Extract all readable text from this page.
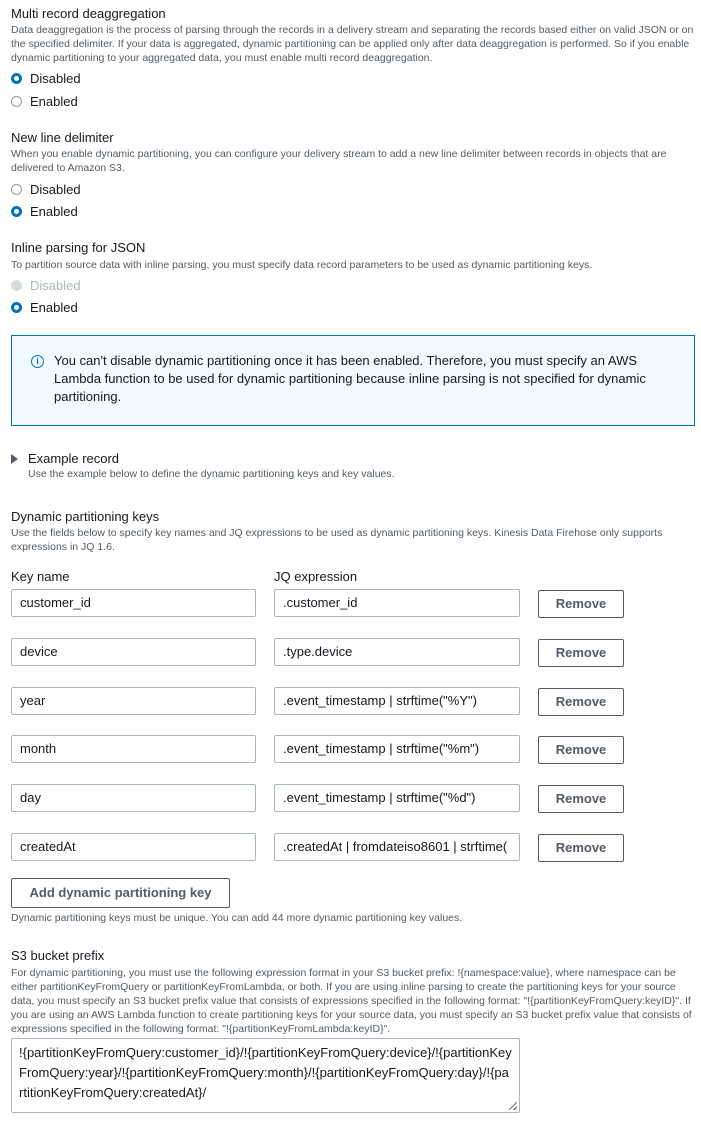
Multi record deaggregation
Data deaggregation is the process of parsing through the records in a delivery stream and separating the records based either on valid JSON or on the specified delimiter. If your data is aggregated, dynamic partitioning can be applied only after data deaggregation is performed. So if you enable dynamic partitioning to your aggregated data, you must enable multi record deaggregation.
Disabled
Enabled
New line delimiter
When you enable dynamic partitioning, you can configure your delivery stream to add a new line delimiter between records in objects that are delivered to Amazon S3.
Disabled
Enabled
Inline parsing for JSON
To partition source data with inline parsing, you must specify data record parameters to be used as dynamic partitioning keys.
Disabled
Enabled
i	You can't disable dynamic partitioning once it has been enabled. Therefore, you must specify an AWS Lambda function to be used for dynamic partitioning because inline parsing is not specified for dynamic partitioning.
Example record
Use the example below to define the dynamic partitioning keys and key values.
Dynamic partitioning keys
Use the fields below to specify key names and JQ expressions to be used as dynamic partitioning keys. Kinesis Data Firehose only supports expressions in JQ 1.6.
Key name	JQ expression
customer_id	.customer_id	Remove
device	.type.device	Remove
year	.event_timestamp | strftime("%Y")	Remove
month	.event_timestamp | strftime("%m")	Remove
day	.event_timestamp | strftime("%d")	Remove
createdAt	.createdAt | fromdateiso8601 | strftime(	Remove
Add dynamic partitioning key
Dynamic partitioning keys must be unique. You can add 44 more dynamic partitioning key values.
S3 bucket prefix
For dynamic partitioning, you must use the following expression format in your S3 bucket prefix: !{namespace:value}, where namespace can be either partitionKeyFromQuery or partitionKeyFromLambda, or both. If you are using inline parsing to create the partitioning keys for your source data, you must specify an S3 bucket prefix value that consists of expressions specified in the following format: "!{partitionKeyFromQuery:keyID}". If you are using an AWS Lambda function to create partitioning keys for your source data, you must specify an S3 bucket prefix value that consists of expressions specified in the following format: "!{partitionKeyFromLambda:keyID}".
!{partitionKeyFromQuery:customer_id}/!{partitionKeyFromQuery:device}/!{partitionKeyFromQuery:year}/!{partitionKeyFromQuery:month}/!{partitionKeyFromQuery:day}/!{partitionKeyFromQuery:createdAt}/
